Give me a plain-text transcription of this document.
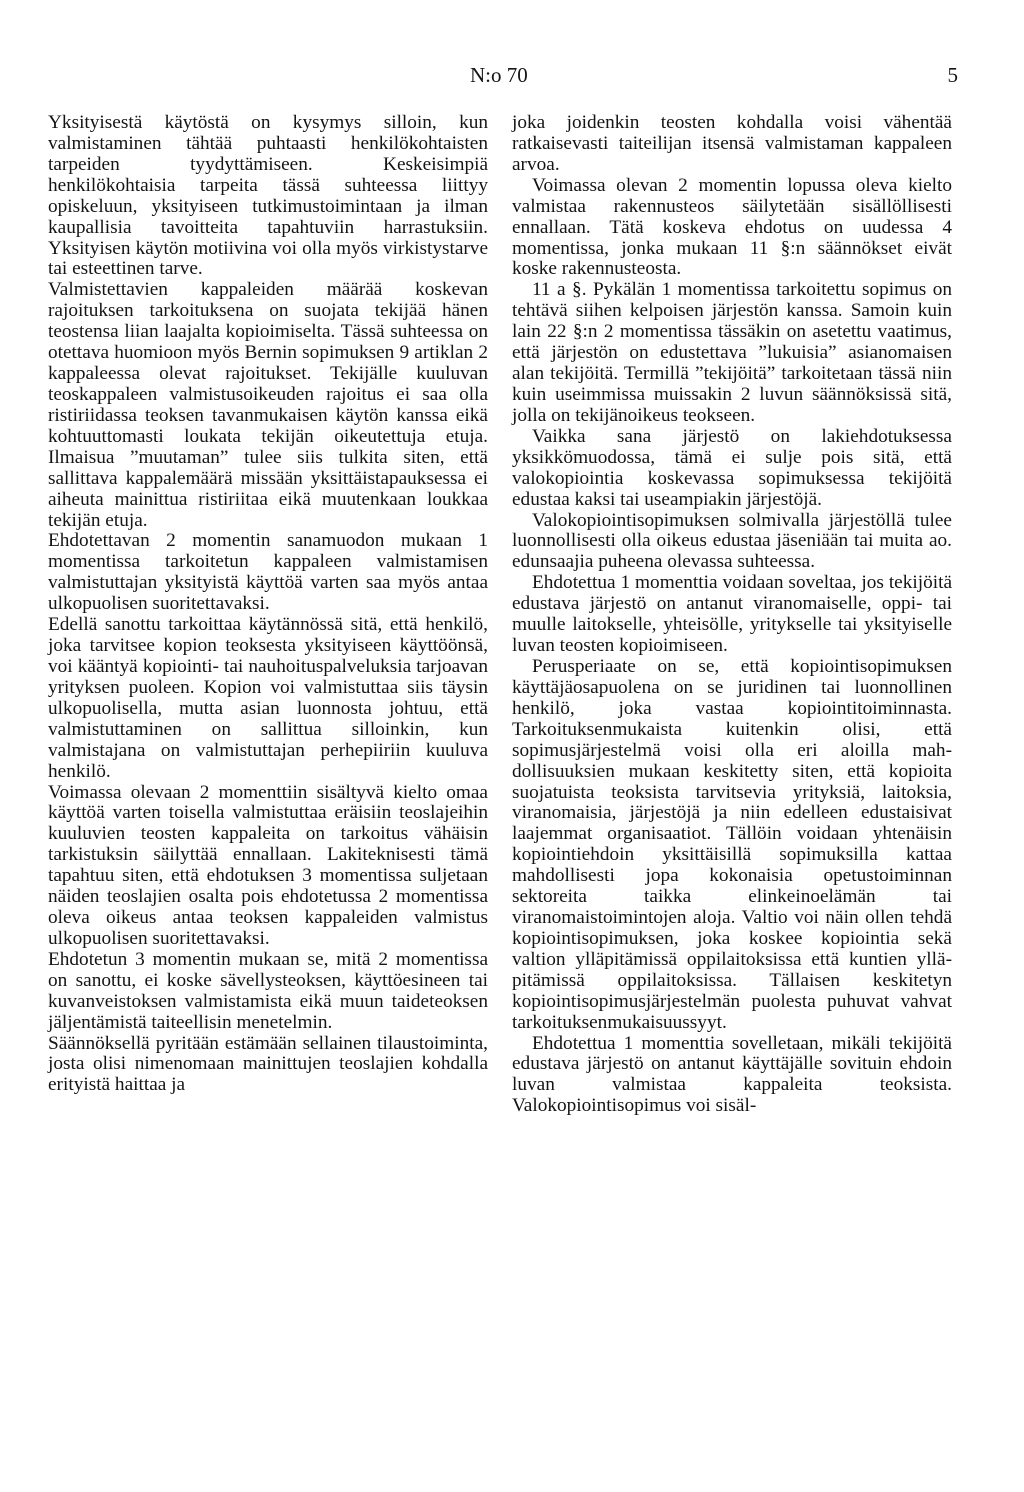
N:o 70	5

Yksityisestä käytöstä on kysymys silloin, kun valmistaminen tähtää puhtaasti henkilökohtaisten tarpeiden tyydyttämiseen. Keskeisimpiä henkilökohtaisia tarpeita tässä suhteessa liittyy opiskeluun, yksityiseen tutkimustoimintaan ja ilman kaupallisia tavoitteita tapahtuviin harrastuksiin. Yksityisen käytön motiivina voi olla myös virkistystarve tai esteettinen tarve.

Valmistettavien kappaleiden määrää koskevan rajoituksen tarkoituksena on suojata tekijää hänen teostensa liian laajalta kopioimiselta. Tässä suhteessa on otettava huomioon myös Bernin sopimuksen 9 artiklan 2 kappaleessa olevat rajoitukset. Tekijälle kuuluvan teoskappaleen valmistusoikeuden rajoitus ei saa olla ristiriidassa teoksen tavanmukaisen käytön kanssa eikä kohtuuttomasti loukata tekijän oikeutettuja etuja. Ilmaisua ”muutaman” tulee siis tulkita siten, että sallittava kappalemäärä missään yksittäistapauksessa ei aiheuta mainittua ristiriitaa eikä muutenkaan loukkaa tekijän etuja.

Ehdotettavan 2 momentin sanamuodon mukaan 1 momentissa tarkoitetun kappaleen valmistamisen valmistuttajan yksityistä käyttöä varten saa myös antaa ulkopuolisen suoritettavaksi.

Edellä sanottu tarkoittaa käytännössä sitä, että henkilö, joka tarvitsee kopion teoksesta yksityiseen käyttöönsä, voi kääntyä kopiointi- tai nauhoituspalveluksia tarjoavan yrityksen puoleen. Kopion voi valmistuttaa siis täysin ulkopuolisella, mutta asian luonnosta johtuu, että valmistuttaminen on sallittua silloinkin, kun valmistajana on valmistuttajan perhepiiriin kuuluva henkilö.

Voimassa olevaan 2 momenttiin sisältyvä kielto omaa käyttöä varten toisella valmistuttaa eräisiin teoslajeihin kuuluvien teosten kappaleita on tarkoitus vähäisin tarkistuksin säilyttää ennallaan. Lakiteknisesti tämä tapahtuu siten, että ehdotuksen 3 momentissa suljetaan näiden teoslajien osalta pois ehdotetussa 2 momentissa oleva oikeus antaa teoksen kappaleiden valmistus ulkopuolisen suoritettavaksi.

Ehdotetun 3 momentin mukaan se, mitä 2 momentissa on sanottu, ei koske sävellysteoksen, käyttöesineen tai kuvanveistoksen valmistamista eikä muun taideteoksen jäljentämistä taiteellisin menetelmin.

Säännöksellä pyritään estämään sellainen tilaustoiminta, josta olisi nimenomaan mainittujen teoslajien kohdalla erityistä haittaa ja

joka joidenkin teosten kohdalla voisi vähentää ratkaisevasti taiteilijan itsensä valmistaman kappaleen arvoa.

Voimassa olevan 2 momentin lopussa oleva kielto valmistaa rakennusteos säilytetään sisällöllisesti ennallaan. Tätä koskeva ehdotus on uudessa 4 momentissa, jonka mukaan 11 §:n säännökset eivät koske rakennusteosta.

11 a §. Pykälän 1 momentissa tarkoitettu sopimus on tehtävä siihen kelpoisen järjestön kanssa. Samoin kuin lain 22 §:n 2 momentissa tässäkin on asetettu vaatimus, että järjestön on edustettava ”lukuisia” asianomaisen alan tekijöitä. Termillä ”tekijöitä” tarkoitetaan tässä niin kuin useimmissa muissakin 2 luvun säännöksissä sitä, jolla on tekijänoikeus teokseen.

Vaikka sana järjestö on lakiehdotuksessa yksikkömuodossa, tämä ei sulje pois sitä, että valokopiointia koskevassa sopimuksessa tekijöitä edustaa kaksi tai useampiakin järjestöjä.

Valokopiointisopimuksen solmivalla järjestöllä tulee luonnollisesti olla oikeus edustaa jäseniään tai muita ao. edunsaajia puheena olevassa suhteessa.

Ehdotettua 1 momenttia voidaan soveltaa, jos tekijöitä edustava järjestö on antanut viranomaiselle, oppi- tai muulle laitokselle, yhteisölle, yritykselle tai yksityiselle luvan teosten kopioimiseen.

Perusperiaate on se, että kopiointisopimuksen käyttäjäosapuolena on se juridinen tai luonnollinen henkilö, joka vastaa kopiointitoiminnasta. Tarkoituksenmukaista kuitenkin olisi, että sopimusjärjestelmä voisi olla eri aloilla mahdollisuuksien mukaan keskitetty siten, että kopioita suojatuista teoksista tarvitsevia yrityksiä, laitoksia, viranomaisia, järjestöjä ja niin edelleen edustaisivat laajemmat organisaatiot. Tällöin voidaan yhtenäisin kopiointiehdoin yksittäisillä sopimuksilla kattaa mahdollisesti jopa kokonaisia opetustoiminnan sektoreita taikka elinkeinoelämän tai viranomaistoimintojen aloja. Valtio voi näin ollen tehdä kopiointisopimuksen, joka koskee kopiointia sekä valtion ylläpitämissä oppilaitoksissa että kuntien ylläpitämissä oppilaitoksissa. Tällaisen keskitetyn kopiointisopimusjärjestelmän puolesta puhuvat vahvat tarkoituksenmukaisuussyyt.

Ehdotettua 1 momenttia sovelletaan, mikäli tekijöitä edustava järjestö on antanut käyttäjälle sovituin ehdoin luvan valmistaa kappaleita teoksista. Valokopiointisopimus voi sisäl-
